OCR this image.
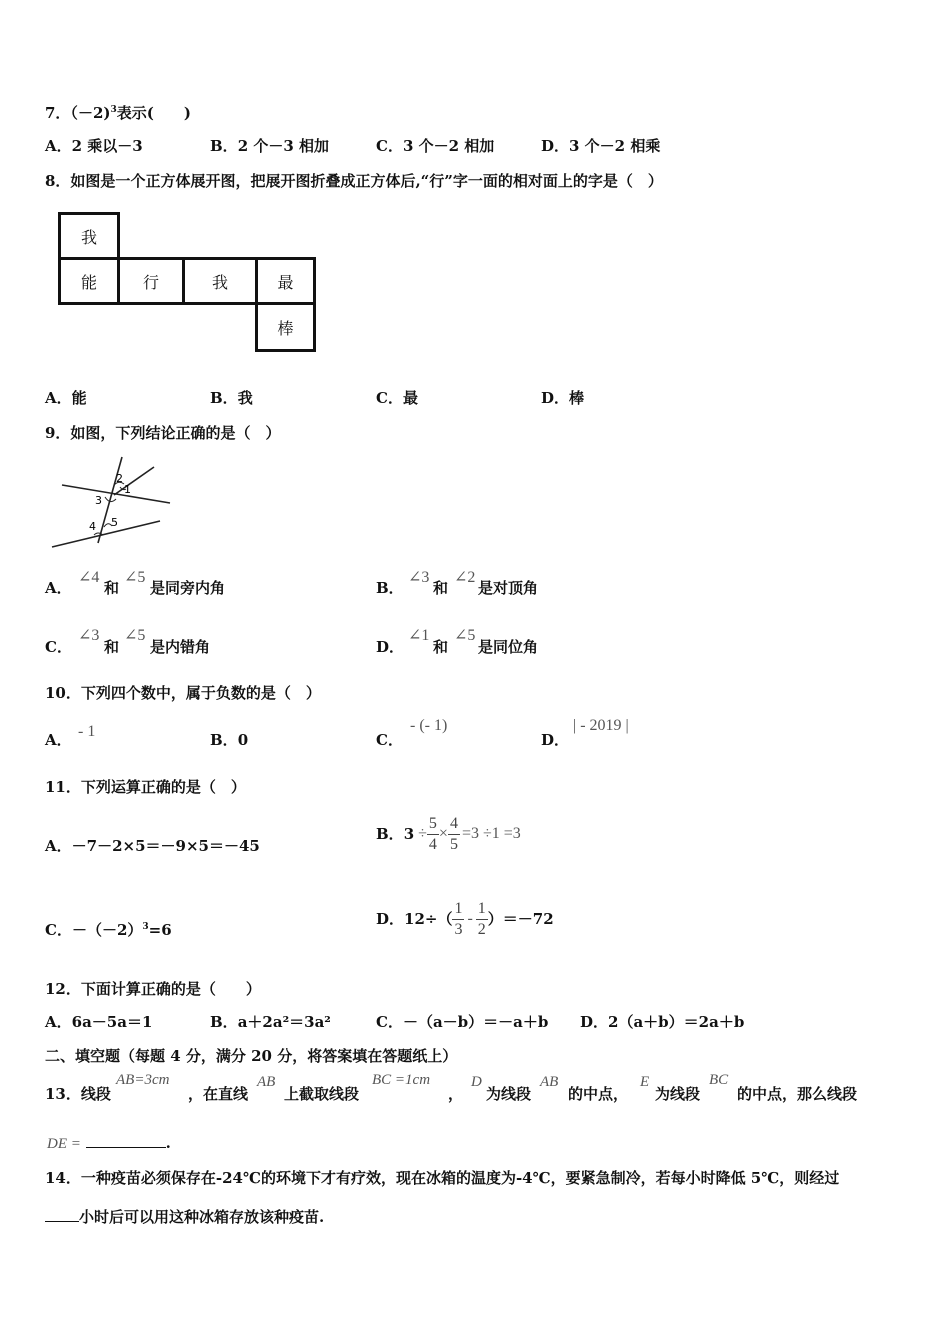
7．（－2)$^3$表示(　　)
A．2 乘以－3	B．2 个－3 相加	C．3 个－2 相加	D．3 个－2 相乘
8．如图是一个正方体展开图，把展开图折叠成正方体后,“行”字一面的相对面上的字是（　）
我
能	行	我	最
棒
A．能	B．我	C．最	D．棒
9．如图，下列结论正确的是（　）
2
1
3
4 5
A．
∠4
和
∠5
是同旁内角	B．
∠3
和
∠2
是对顶角
C．
∠3
和
∠5
是内错角	D．
∠1
和
∠5
是同位角
10．下列四个数中，属于负数的是（　）
A． - 1	B．0	C．
- (- 1)
D．
| - 2019 |
11．下列运算正确的是（　）
A．－7－2×5＝－9×5＝－45
B． $3 \div \frac{5}{4} \times \frac{4}{5} =3 \div 1 =3$
C．$-(-2)^3=6$
D． $12\div( \frac{1}{3} - \frac{1}{2} )=-72$
12．下面计算正确的是（　　）
A．6a－5a＝1	B．a＋2a²＝3a²	C．－（a－b）＝－a＋b D．2（a＋b）＝2a＋b
二、填空题（每题 4 分，满分 20 分，将答案填在答题纸上）
13．线段
AB=3cm
，在直线
AB
上截取线段
BC =1cm
，
D
为线段
AB
的中点，
E
为线段
BC
的中点，那么线段
DE =	.
14．一种疫苗必须保存在-24℃的环境下才有疗效，现在冰箱的温度为-4℃，要紧急制冷，若每小时降低 5℃，则经过
小时后可以用这种冰箱存放该种疫苗.
